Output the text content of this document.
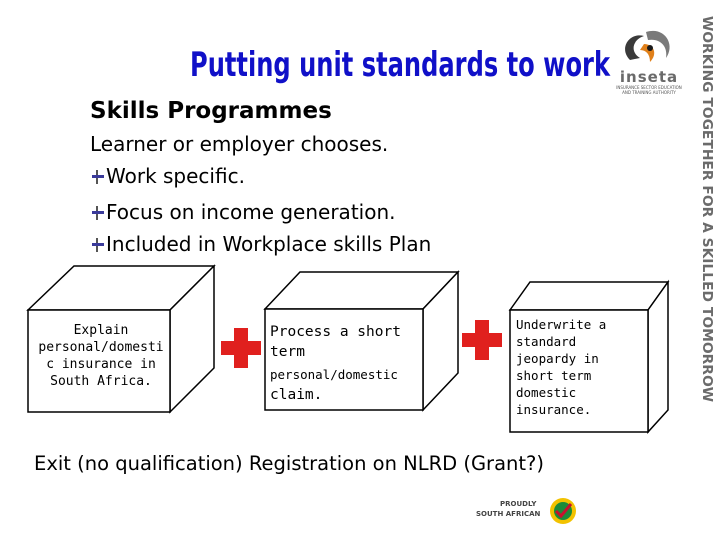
Putting unit standards to work inseta
INSURANCE SECTOR EDUCATION AND TRAINING AUTHORITY	WORKING TOGETHER FOR A SKILLED TOMORROW
Skills Programmes
Learner or employer chooses.
Work specific.
Focus on income generation.
Included in Workplace skills Plan
Explain personal/domesti c insurance in South Africa.
Process a short term
personal/domestic
claim.
Underwrite a standard jeopardy in short term domestic insurance.
Exit (no qualification) Registration on NLRD (Grant?)
PROUDLY
SOUTH AFRICAN
